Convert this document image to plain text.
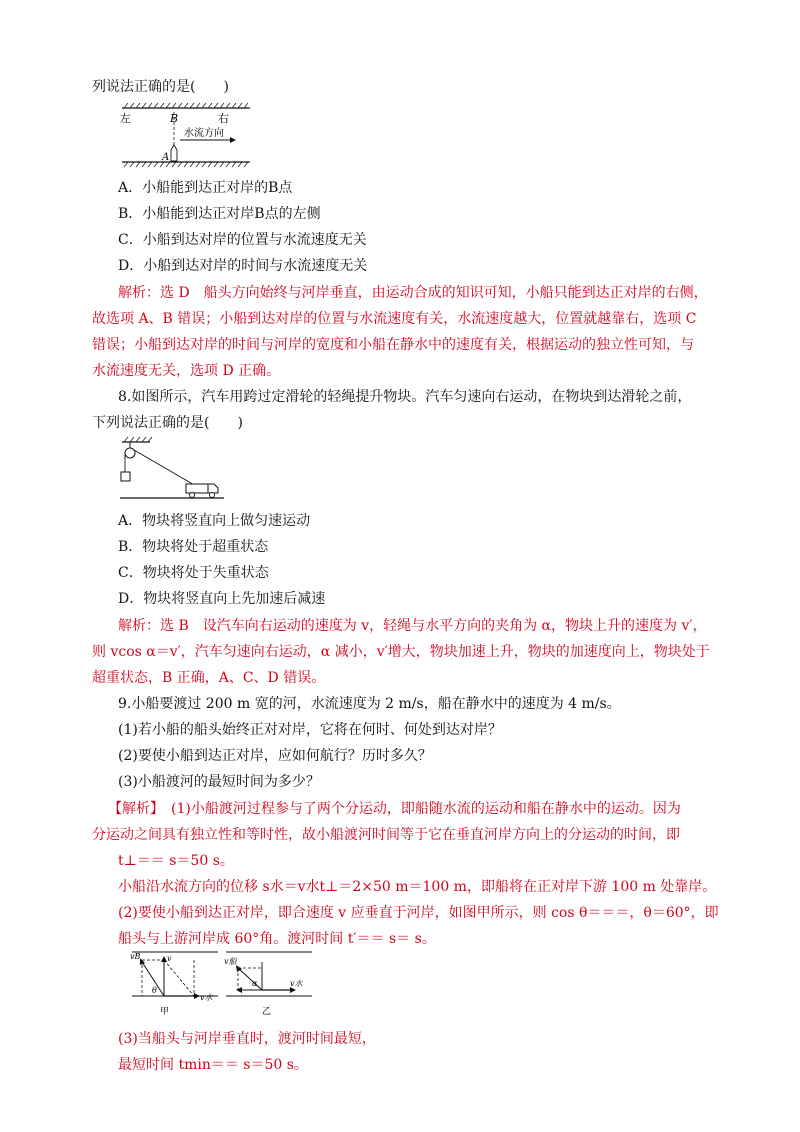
列说法正确的是(　　)
左	B	右
A
水流方向
A．小船能到达正对岸的B点
B．小船能到达正对岸B点的左侧
C．小船到达对岸的位置与水流速度无关
D．小船到达对岸的时间与水流速度无关
解析：选 D　船头方向始终与河岸垂直，由运动合成的知识可知，小船只能到达正对岸的右侧，
故选项 A、B 错误；小船到达对岸的位置与水流速度有关，水流速度越大，位置就越靠右，选项 C
错误；小船到达对岸的时间与河岸的宽度和小船在静水中的速度有关，根据运动的独立性可知，与
水流速度无关，选项 D 正确。
8.如图所示，汽车用跨过定滑轮的轻绳提升物块。汽车匀速向右运动，在物块到达滑轮之前，
下列说法正确的是(　　)
A．物块将竖直向上做匀速运动
B．物块将处于超重状态
C．物块将处于失重状态
D．物块将竖直向上先加速后减速
解析：选 B　设汽车向右运动的速度为 v，轻绳与水平方向的夹角为 α，物块上升的速度为 v′，
则 vcos α＝v′，汽车匀速向右运动，α 减小，v′增大，物块加速上升，物块的加速度向上，物块处于
超重状态，B 正确，A、C、D 错误。
9.小船要渡过 200 m 宽的河，水流速度为 2 m/s，船在静水中的速度为 4 m/s。
(1)若小船的船头始终正对对岸，它将在何时、何处到达对岸？
(2)要使小船到达正对岸，应如何航行？历时多久？
(3)小船渡河的最短时间为多少？
【解析】　(1)小船渡河过程参与了两个分运动，即船随水流的运动和船在静水中的运动。因为
分运动之间具有独立性和等时性，故小船渡河时间等于它在垂直河岸方向上的分运动的时间，即
t⊥＝＝ s＝50 s。
小船沿水流方向的位移 s水＝v水t⊥＝2×50 m＝100 m，即船将在正对岸下游 100 m 处靠岸。
(2)要使小船到达正对岸，即合速度 v 应垂直于河岸，如图甲所示，则 cos θ＝＝＝，θ＝60°，即
船头与上游河岸成 60°角。渡河时间 t′＝＝ s＝ s。
vB	v
θ
v水
甲
v船
α	v水
乙
(3)当船头与河岸垂直时，渡河时间最短，
最短时间 tmin＝＝ s＝50 s。
